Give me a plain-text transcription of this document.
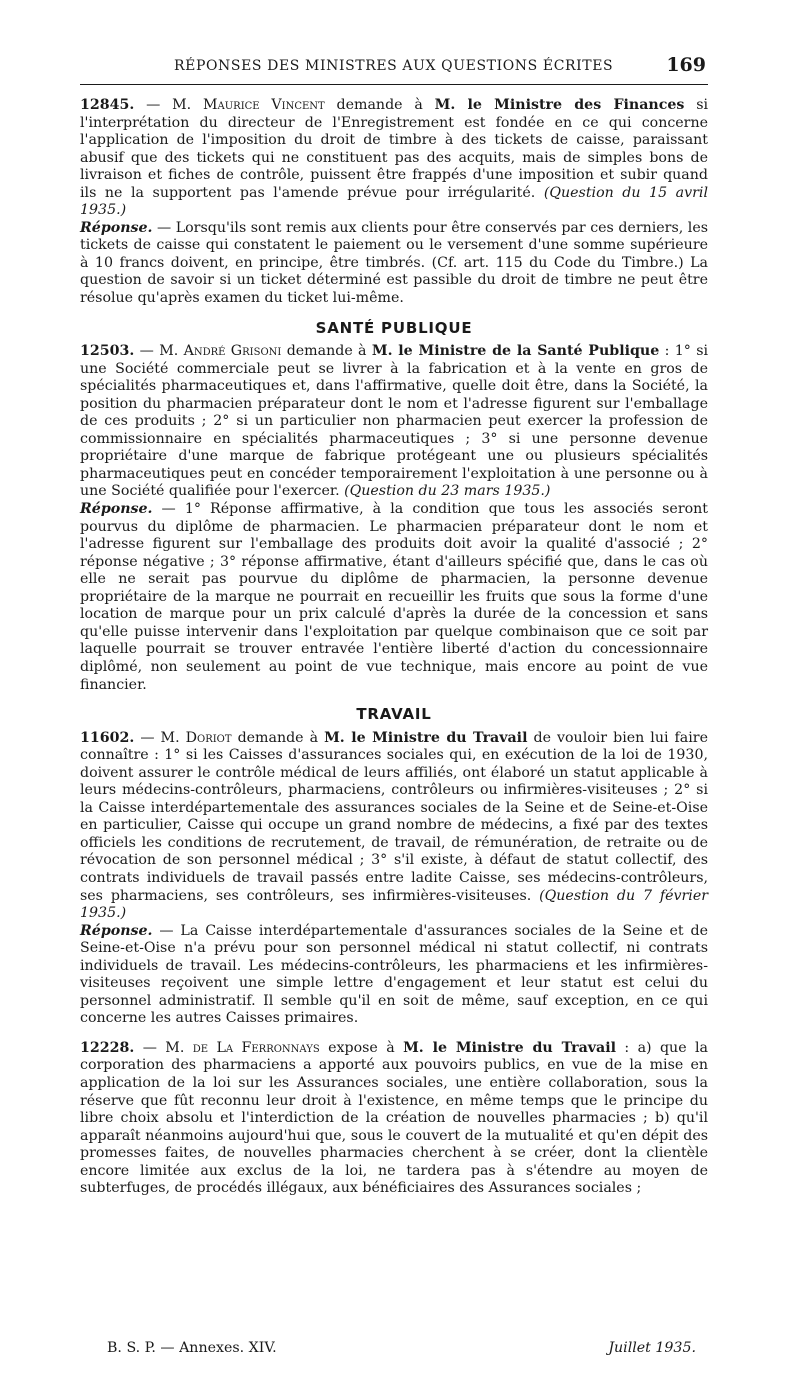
RÉPONSES DES MINISTRES AUX QUESTIONS ÉCRITES	169

12845. — M. Maurice Vincent demande à M. le Ministre des Finances si l'interprétation du directeur de l'Enregistrement est fondée en ce qui concerne l'application de l'imposition du droit de timbre à des tickets de caisse, paraissant abusif que des tickets qui ne constituent pas des acquits, mais de simples bons de livraison et fiches de contrôle, puissent être frappés d'une imposition et subir quand ils ne la supportent pas l'amende prévue pour irrégularité. (Question du 15 avril 1935.)

Réponse. — Lorsqu'ils sont remis aux clients pour être conservés par ces derniers, les tickets de caisse qui constatent le paiement ou le versement d'une somme supérieure à 10 francs doivent, en principe, être timbrés. (Cf. art. 115 du Code du Timbre.) La question de savoir si un ticket déterminé est passible du droit de timbre ne peut être résolue qu'après examen du ticket lui-même.

SANTÉ PUBLIQUE

12503. — M. André Grisoni demande à M. le Ministre de la Santé Publique : 1° si une Société commerciale peut se livrer à la fabrication et à la vente en gros de spécialités pharmaceutiques et, dans l'affirmative, quelle doit être, dans la Société, la position du pharmacien préparateur dont le nom et l'adresse figurent sur l'emballage de ces produits ; 2° si un particulier non pharmacien peut exercer la profession de commissionnaire en spécialités pharmaceutiques ; 3° si une personne devenue propriétaire d'une marque de fabrique protégeant une ou plusieurs spécialités pharmaceutiques peut en concéder temporairement l'exploitation à une personne ou à une Société qualifiée pour l'exercer. (Question du 23 mars 1935.)

Réponse. — 1° Réponse affirmative, à la condition que tous les associés seront pourvus du diplôme de pharmacien. Le pharmacien préparateur dont le nom et l'adresse figurent sur l'emballage des produits doit avoir la qualité d'associé ; 2° réponse négative ; 3° réponse affirmative, étant d'ailleurs spécifié que, dans le cas où elle ne serait pas pourvue du diplôme de pharmacien, la personne devenue propriétaire de la marque ne pourrait en recueillir les fruits que sous la forme d'une location de marque pour un prix calculé d'après la durée de la concession et sans qu'elle puisse intervenir dans l'exploitation par quelque combinaison que ce soit par laquelle pourrait se trouver entravée l'entière liberté d'action du concessionnaire diplômé, non seulement au point de vue technique, mais encore au point de vue financier.

TRAVAIL

11602. — M. Doriot demande à M. le Ministre du Travail de vouloir bien lui faire connaître : 1° si les Caisses d'assurances sociales qui, en exécution de la loi de 1930, doivent assurer le contrôle médical de leurs affiliés, ont élaboré un statut applicable à leurs médecins-contrôleurs, pharmaciens, contrôleurs ou infirmières-visiteuses ; 2° si la Caisse interdépartementale des assurances sociales de la Seine et de Seine-et-Oise en particulier, Caisse qui occupe un grand nombre de médecins, a fixé par des textes officiels les conditions de recrutement, de travail, de rémunération, de retraite ou de révocation de son personnel médical ; 3° s'il existe, à défaut de statut collectif, des contrats individuels de travail passés entre ladite Caisse, ses médecins-contrôleurs, ses pharmaciens, ses contrôleurs, ses infirmières-visiteuses. (Question du 7 février 1935.)

Réponse. — La Caisse interdépartementale d'assurances sociales de la Seine et de Seine-et-Oise n'a prévu pour son personnel médical ni statut collectif, ni contrats individuels de travail. Les médecins-contrôleurs, les pharmaciens et les infirmières-visiteuses reçoivent une simple lettre d'engagement et leur statut est celui du personnel administratif. Il semble qu'il en soit de même, sauf exception, en ce qui concerne les autres Caisses primaires.

12228. — M. de La Ferronnays expose à M. le Ministre du Travail : a) que la corporation des pharmaciens a apporté aux pouvoirs publics, en vue de la mise en application de la loi sur les Assurances sociales, une entière collaboration, sous la réserve que fût reconnu leur droit à l'existence, en même temps que le principe du libre choix absolu et l'interdiction de la création de nouvelles pharmacies ; b) qu'il apparaît néanmoins aujourd'hui que, sous le couvert de la mutualité et qu'en dépit des promesses faites, de nouvelles pharmacies cherchent à se créer, dont la clientèle encore limitée aux exclus de la loi, ne tardera pas à s'étendre au moyen de subterfuges, de procédés illégaux, aux bénéficiaires des Assurances sociales ;

B. S. P. — Annexes. XIV.	Juillet 1935.
